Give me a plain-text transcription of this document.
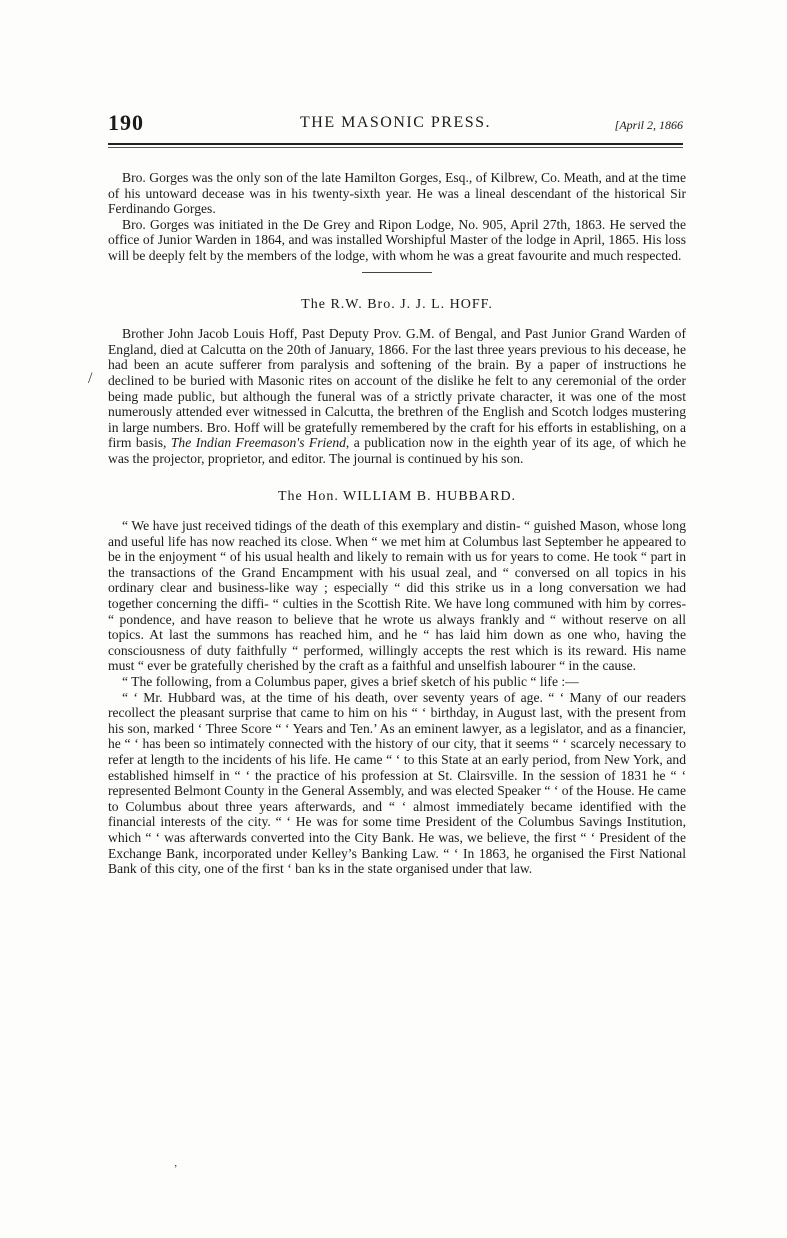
190	THE MASONIC PRESS.	[April 2, 1866
/

Bro. Gorges was the only son of the late Hamilton Gorges, Esq., of Kilbrew, Co. Meath, and at the time of his untoward decease was in his twenty-sixth year. He was a lineal descendant of the historical Sir Ferdinando Gorges.

Bro. Gorges was initiated in the De Grey and Ripon Lodge, No. 905, April 27th, 1863. He served the office of Junior Warden in 1864, and was installed Worshipful Master of the lodge in April, 1865. His loss will be deeply felt by the members of the lodge, with whom he was a great favourite and much respected.

The R.W. Bro. J. J. L. HOFF.

Brother John Jacob Louis Hoff, Past Deputy Prov. G.M. of Bengal, and Past Junior Grand Warden of England, died at Calcutta on the 20th of January, 1866. For the last three years previous to his decease, he had been an acute sufferer from paralysis and softening of the brain. By a paper of instructions he declined to be buried with Masonic rites on account of the dislike he felt to any ceremonial of the order being made public, but although the funeral was of a strictly private character, it was one of the most numerously attended ever witnessed in Calcutta, the brethren of the English and Scotch lodges mustering in large numbers. Bro. Hoff will be gratefully remembered by the craft for his efforts in establishing, on a firm basis, The Indian Freemason's Friend, a publication now in the eighth year of its age, of which he was the projector, proprietor, and editor. The journal is continued by his son.

The Hon. WILLIAM B. HUBBARD.

“ We have just received tidings of the death of this exemplary and distin- “ guished Mason, whose long and useful life has now reached its close. When “ we met him at Columbus last September he appeared to be in the enjoyment “ of his usual health and likely to remain with us for years to come. He took “ part in the transactions of the Grand Encampment with his usual zeal, and “ conversed on all topics in his ordinary clear and business-like way ; especially “ did this strike us in a long conversation we had together concerning the diffi- “ culties in the Scottish Rite. We have long communed with him by corres- “ pondence, and have reason to believe that he wrote us always frankly and “ without reserve on all topics. At last the summons has reached him, and he “ has laid him down as one who, having the consciousness of duty faithfully “ performed, willingly accepts the rest which is its reward. His name must “ ever be gratefully cherished by the craft as a faithful and unselfish labourer “ in the cause.

“ The following, from a Columbus paper, gives a brief sketch of his public “ life :—

“ ‘ Mr. Hubbard was, at the time of his death, over seventy years of age. “ ‘ Many of our readers recollect the pleasant surprise that came to him on his “ ‘ birthday, in August last, with the present from his son, marked ‘ Three Score “ ‘ Years and Ten.’ As an eminent lawyer, as a legislator, and as a financier, he “ ‘ has been so intimately connected with the history of our city, that it seems “ ‘ scarcely necessary to refer at length to the incidents of his life. He came “ ‘ to this State at an early period, from New York, and established himself in “ ‘ the practice of his profession at St. Clairsville. In the session of 1831 he “ ‘ represented Belmont County in the General Assembly, and was elected Speaker “ ‘ of the House. He came to Columbus about three years afterwards, and “ ‘ almost immediately became identified with the financial interests of the city. “ ‘ He was for some time President of the Columbus Savings Institution, which “ ‘ was afterwards converted into the City Bank. He was, we believe, the first “ ‘ President of the Exchange Bank, incorporated under Kelley’s Banking Law. “ ‘ In 1863, he organised the First National Bank of this city, one of the first ‘ ban ks in the state organised under that law.

‚
